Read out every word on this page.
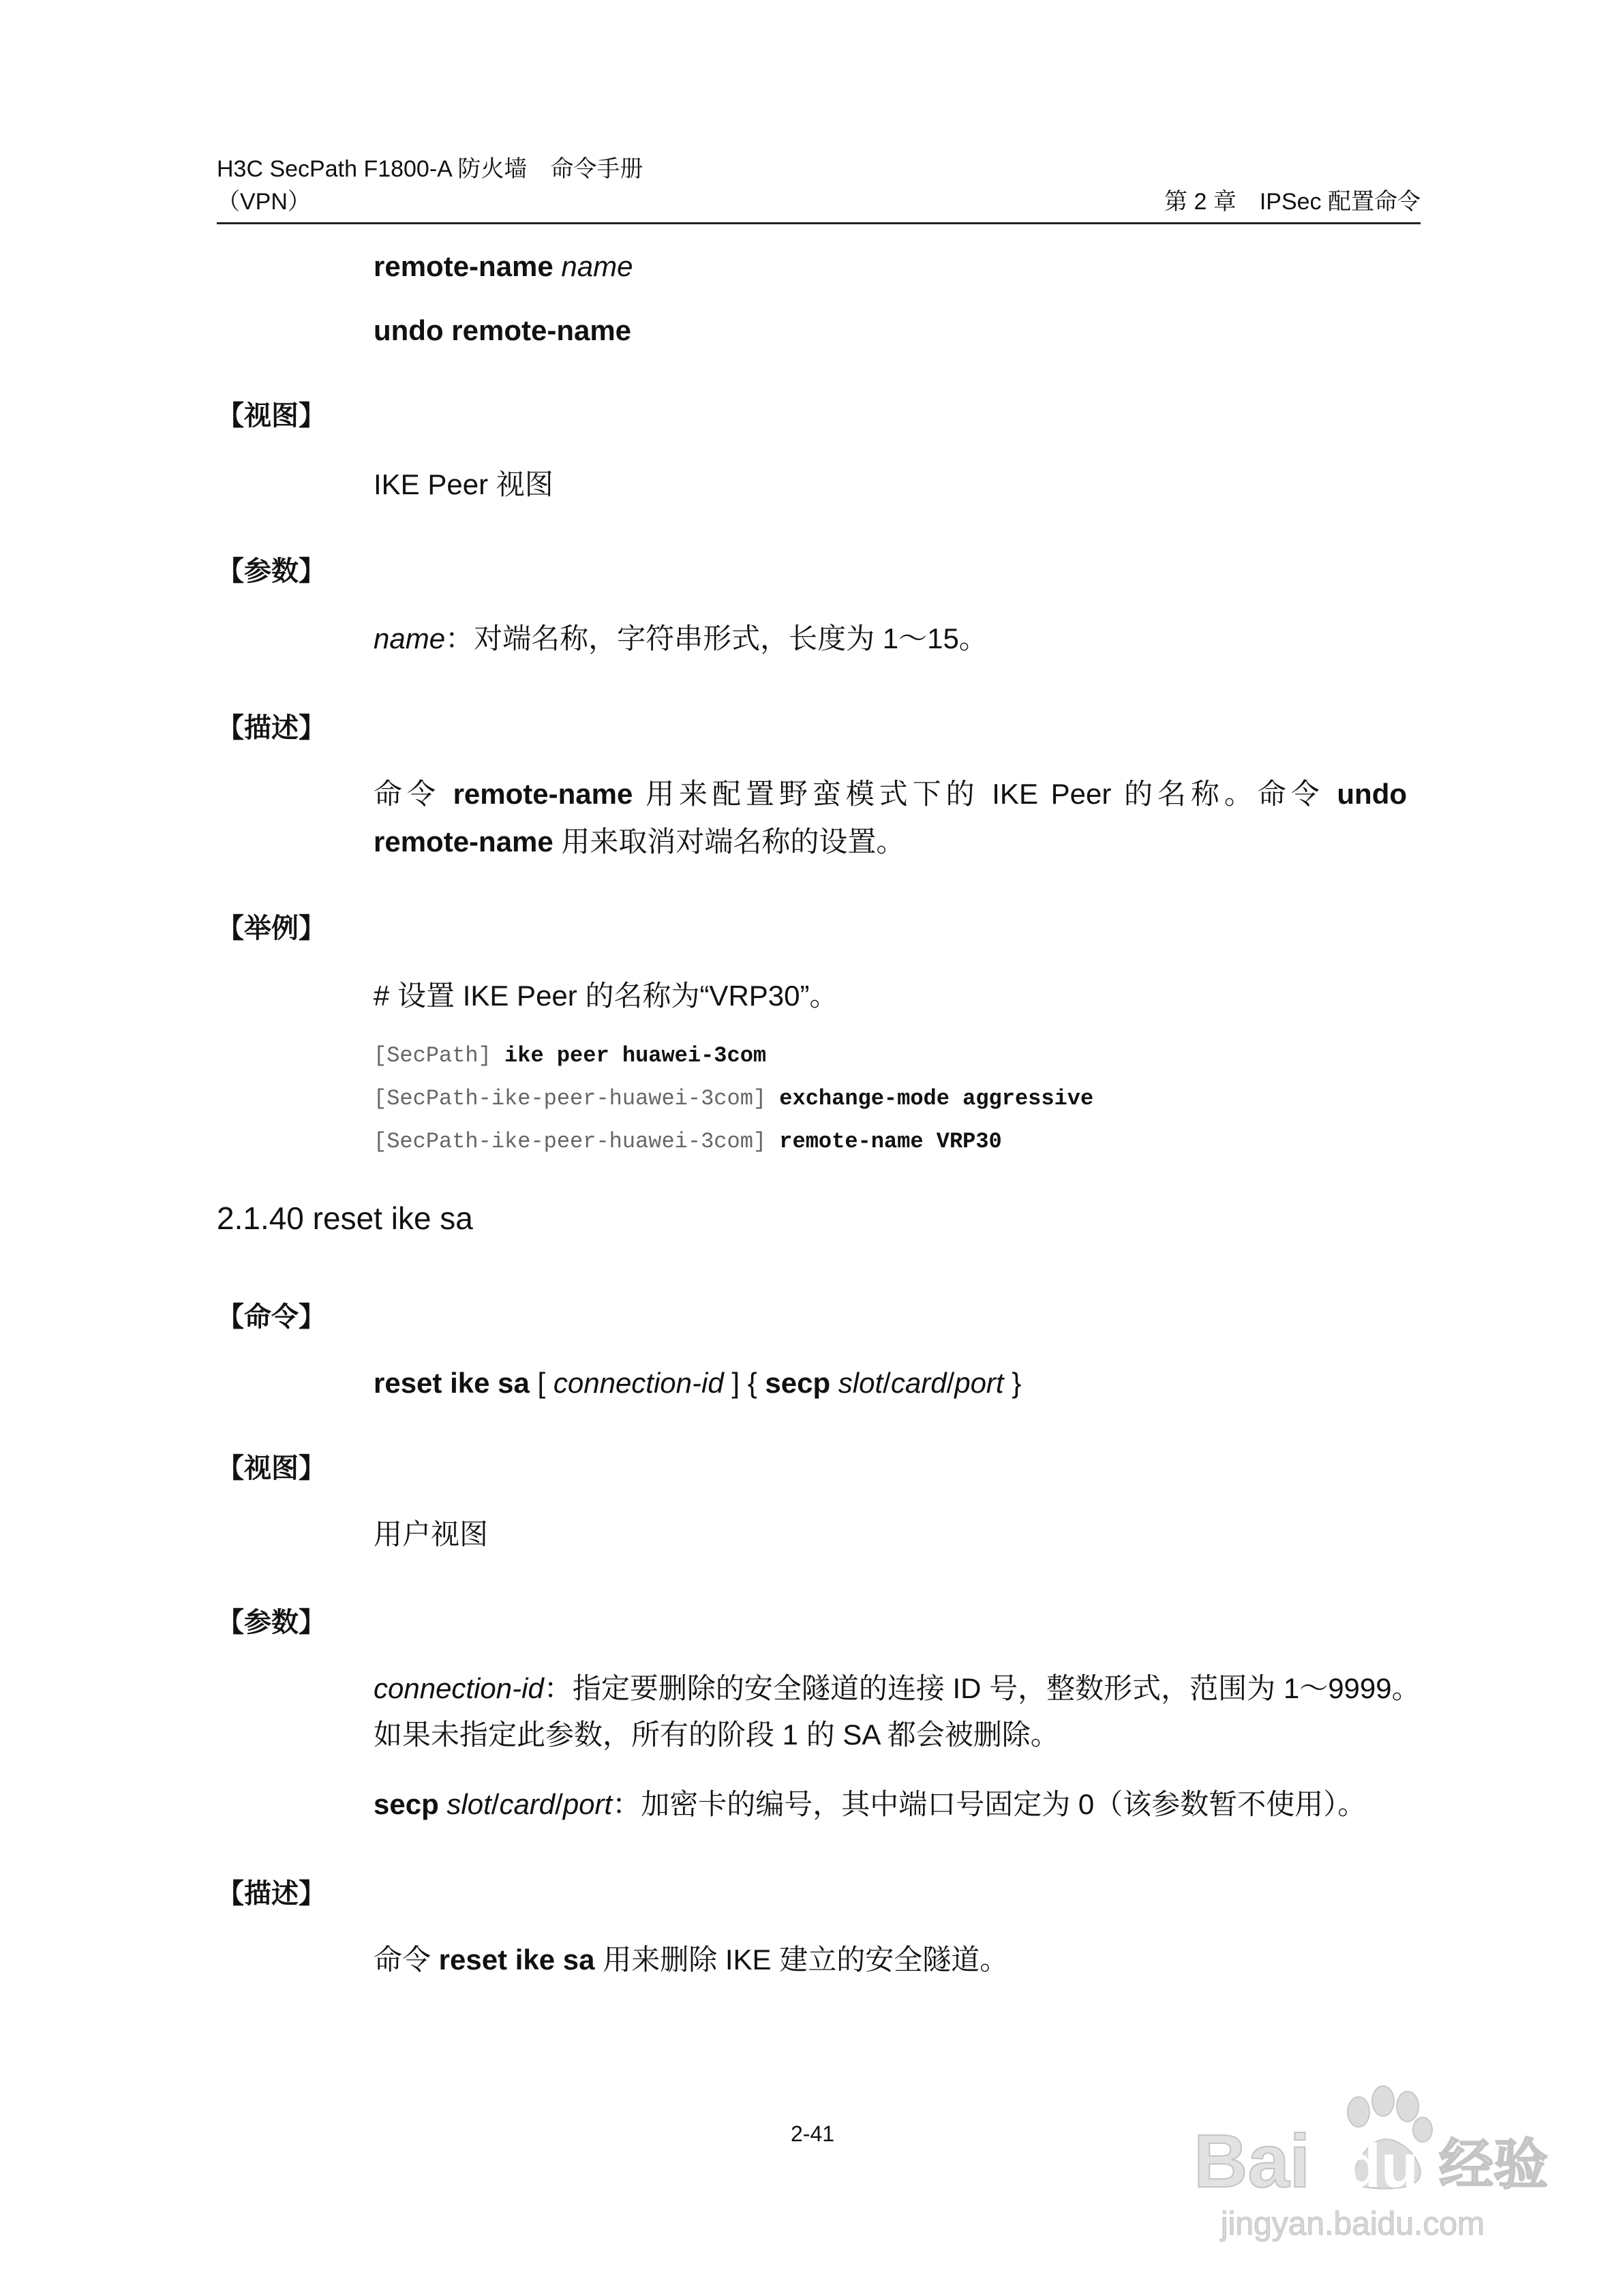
H3C SecPath F1800-A 防火墙　命令手册
（VPN）	第 2 章　IPSec 配置命令
remote-name name
undo remote-name
【视图】
IKE Peer 视图
【参数】
name：对端名称，字符串形式，长度为 1～15。
【描述】
命令 remote-name 用来配置野蛮模式下的 IKE Peer 的名称。命令 undo
remote-name 用来取消对端名称的设置。
【举例】
# 设置 IKE Peer 的名称为“VRP30”。
[SecPath] ike peer huawei-3com
[SecPath-ike-peer-huawei-3com] exchange-mode aggressive
[SecPath-ike-peer-huawei-3com] remote-name VRP30
2.1.40 reset ike sa
【命令】
reset ike sa [ connection-id ] { secp slot/card/port }
【视图】
用户视图
【参数】
connection-id：指定要删除的安全隧道的连接 ID 号，整数形式，范围为 1～9999。
如果未指定此参数，所有的阶段 1 的 SA 都会被删除。
secp slot/card/port：加密卡的编号，其中端口号固定为 0（该参数暂不使用）。
【描述】
命令 reset ike sa 用来删除 IKE 建立的安全隧道。
2-41	Bai du 经验
jingyan.baidu.com
